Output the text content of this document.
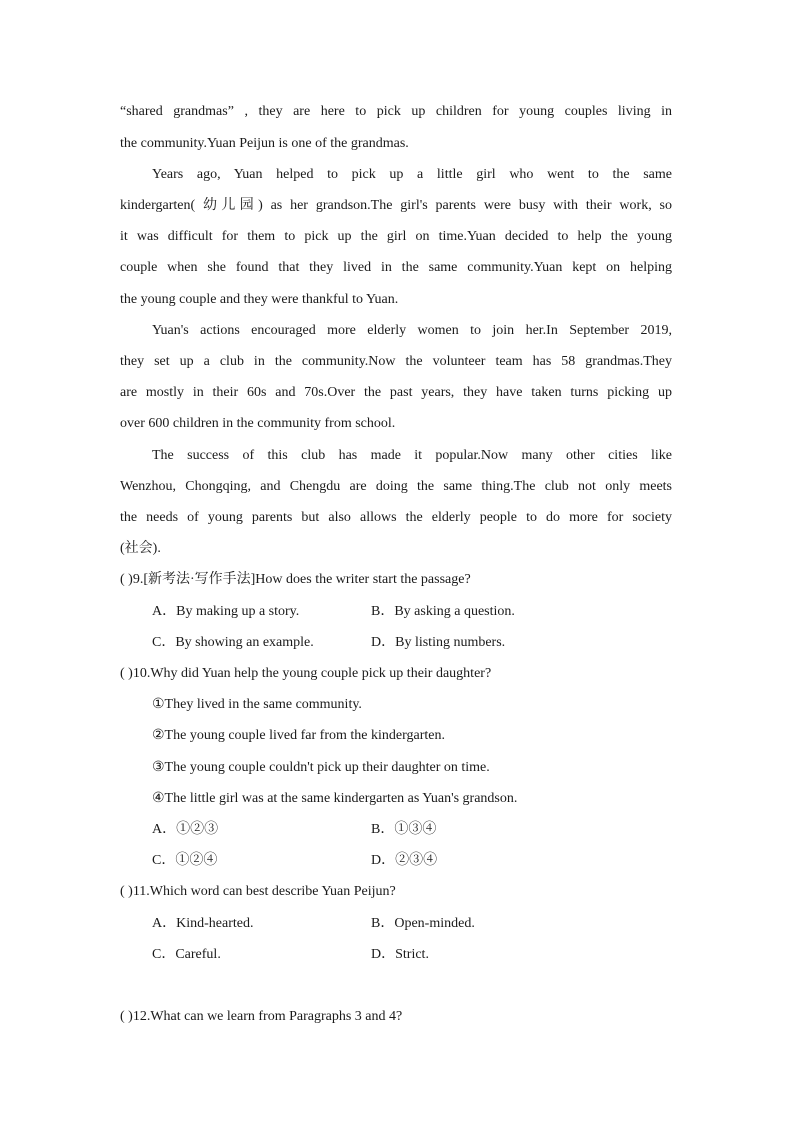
“shared grandmas” , they are here to pick up children for young couples living in
the community.Yuan Peijun is one of the grandmas.
Years ago, Yuan helped to pick up a little girl who went to the same
kindergarten( 幼儿园) as her grandson.The girl's parents were busy with their work, so
it was difficult for them to pick up the girl on time.Yuan decided to help the young
couple when she found that they lived in the same community.Yuan kept on helping
the young couple and they were thankful to Yuan.
Yuan's actions encouraged more elderly women to join her.In September 2019,
they set up a club in the community.Now the volunteer team has 58 grandmas.They
are mostly in their 60s and 70s.Over the past years, they have taken turns picking up
over 600 children in the community from school.
The success of this club has made it popular.Now many other cities like
Wenzhou, Chongqing, and Chengdu are doing the same thing.The club not only meets
the needs of young parents but also allows the elderly people to do more for society
(社会).
( )9.[新考法·写作手法]How does the writer start the passage?
A．By making up a story.	B．By asking a question.
C．By showing an example.	D．By listing numbers.
( )10.Why did Yuan help the young couple pick up their daughter?
①They lived in the same community.
②The young couple lived far from the kindergarten.
③The young couple couldn't pick up their daughter on time.
④The little girl was at the same kindergarten as Yuan's grandson.
A．①②③	B．①③④
C．①②④	D．②③④
( )11.Which word can best describe Yuan Peijun?
A．Kind-hearted.	B．Open-minded.
C．Careful.	D．Strict.
( )12.What can we learn from Paragraphs 3 and 4?
